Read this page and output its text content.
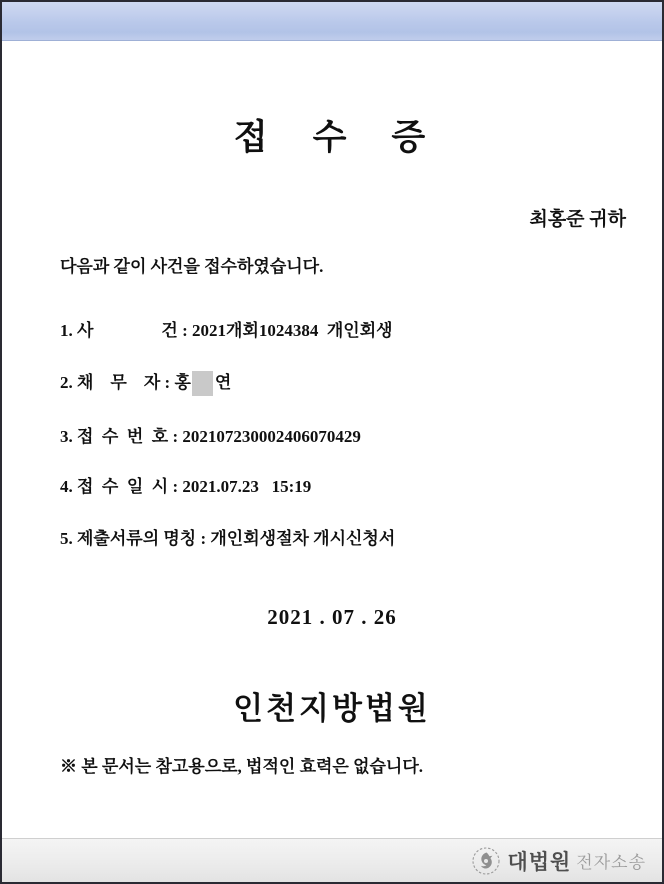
접　수　증
최홍준 귀하
다음과 같이 사건을 접수하였습니다.
1. 사　　　　건 : 2021개회1024384  개인회생
2. 채　무　자 : 홍 연
3. 접  수  번  호 : 202107230002406070429
4. 접  수  일  시 : 2021.07.23   15:19
5. 제출서류의 명칭 : 개인회생절차 개시신청서
2021 . 07 . 26
인천지방법원
※ 본 문서는 참고용으로, 법적인 효력은 없습니다.
대법원 전자소송
